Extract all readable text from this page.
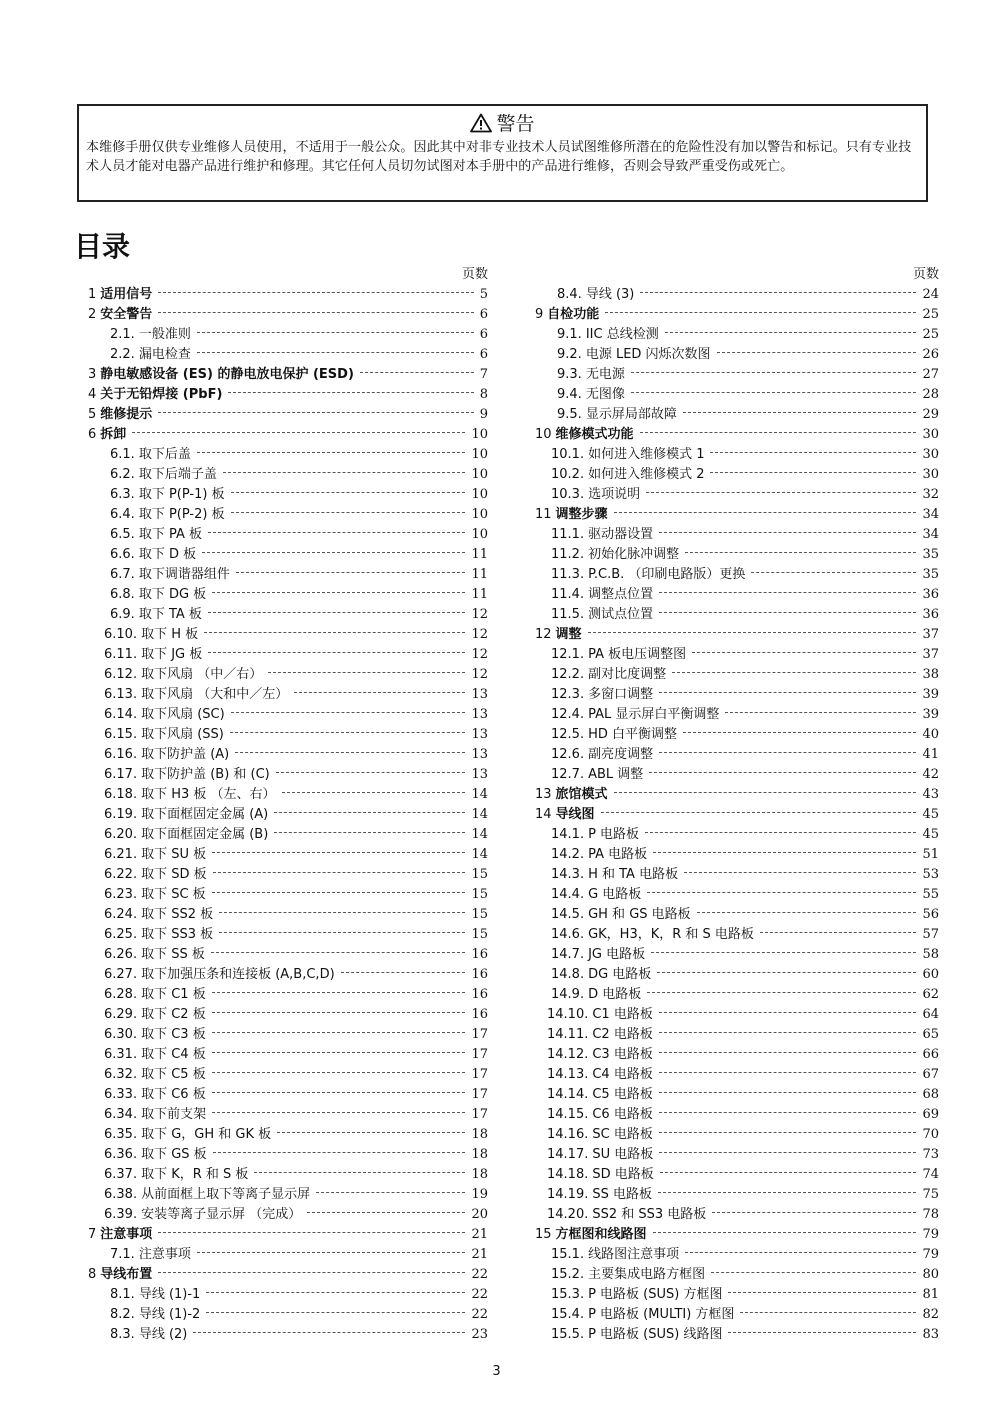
警告
本维修手册仅供专业维修人员使用，不适用于一般公众。因此其中对非专业技术人员试图维修所潜在的危险性没有加以警告和标记。只有专业技术人员才能对电器产品进行维护和修理。其它任何人员切勿试图对本手册中的产品进行维修，否则会导致严重受伤或死亡。
目录
页数
1 适用信号	5
2 安全警告	6
2.1. 一般准则	6
2.2. 漏电检查	6
3 静电敏感设备 (ES) 的静电放电保护 (ESD)	7
4 关于无铅焊接 (PbF)	8
5 维修提示	9
6 拆卸	10
6.1. 取下后盖	10
6.2. 取下后端子盖	10
6.3. 取下 P(P-1) 板	10
6.4. 取下 P(P-2) 板	10
6.5. 取下 PA 板	10
6.6. 取下 D 板	11
6.7. 取下调谐器组件	11
6.8. 取下 DG 板	11
6.9. 取下 TA 板	12
6.10. 取下 H 板	12
6.11. 取下 JG 板	12
6.12. 取下风扇 （中／右）	12
6.13. 取下风扇 （大和中／左）	13
6.14. 取下风扇 (SC)	13
6.15. 取下风扇 (SS)	13
6.16. 取下防护盖 (A)	13
6.17. 取下防护盖 (B) 和 (C)	13
6.18. 取下 H3 板 （左、右）	14
6.19. 取下面框固定金属 (A)	14
6.20. 取下面框固定金属 (B)	14
6.21. 取下 SU 板	14
6.22. 取下 SD 板	15
6.23. 取下 SC 板	15
6.24. 取下 SS2 板	15
6.25. 取下 SS3 板	15
6.26. 取下 SS 板	16
6.27. 取下加强压条和连接板 (A,B,C,D)	16
6.28. 取下 C1 板	16
6.29. 取下 C2 板	16
6.30. 取下 C3 板	17
6.31. 取下 C4 板	17
6.32. 取下 C5 板	17
6.33. 取下 C6 板	17
6.34. 取下前支架	17
6.35. 取下 G，GH 和 GK 板	18
6.36. 取下 GS 板	18
6.37. 取下 K，R 和 S 板	18
6.38. 从前面框上取下等离子显示屏	19
6.39. 安装等离子显示屏 （完成）	20
7 注意事项	21
7.1. 注意事项	21
8 导线布置	22
8.1. 导线 (1)-1	22
8.2. 导线 (1)-2	22
8.3. 导线 (2)	23
页数
8.4. 导线 (3)	24
9 自检功能	25
9.1. IIC 总线检测	25
9.2. 电源 LED 闪烁次数图	26
9.3. 无电源	27
9.4. 无图像	28
9.5. 显示屏局部故障	29
10 维修模式功能	30
10.1. 如何进入维修模式 1	30
10.2. 如何进入维修模式 2	30
10.3. 选项说明	32
11 调整步骤	34
11.1. 驱动器设置	34
11.2. 初始化脉冲调整	35
11.3. P.C.B. （印刷电路版）更换	35
11.4. 调整点位置	36
11.5. 测试点位置	36
12 调整	37
12.1. PA 板电压调整图	37
12.2. 副对比度调整	38
12.3. 多窗口调整	39
12.4. PAL 显示屏白平衡调整	39
12.5. HD 白平衡调整	40
12.6. 副亮度调整	41
12.7. ABL 调整	42
13 旅馆模式	43
14 导线图	45
14.1. P 电路板	45
14.2. PA 电路板	51
14.3. H 和 TA 电路板	53
14.4. G 电路板	55
14.5. GH 和 GS 电路板	56
14.6. GK，H3，K，R 和 S 电路板	57
14.7. JG 电路板	58
14.8. DG 电路板	60
14.9. D 电路板	62
14.10. C1 电路板	64
14.11. C2 电路板	65
14.12. C3 电路板	66
14.13. C4 电路板	67
14.14. C5 电路板	68
14.15. C6 电路板	69
14.16. SC 电路板	70
14.17. SU 电路板	73
14.18. SD 电路板	74
14.19. SS 电路板	75
14.20. SS2 和 SS3 电路板	78
15 方框图和线路图	79
15.1. 线路图注意事项	79
15.2. 主要集成电路方框图	80
15.3. P 电路板 (SUS) 方框图	81
15.4. P 电路板 (MULTI) 方框图	82
15.5. P 电路板 (SUS) 线路图	83
3
